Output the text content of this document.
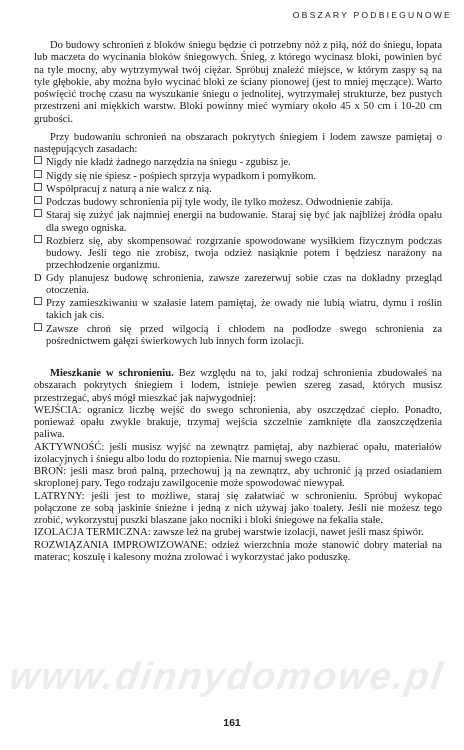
OBSZARY PODBIEGUNOWE

Do budowy schronień z bloków śniegu będzie ci potrzebny nóż z piłą, nóż do śniegu, łopata lub maczeta do wycinania bloków śniegowych. Śnieg, z którego wycinasz bloki, powinien być na tyle mocny, aby wytrzymywał twój ciężar. Spróbuj znaleźć miejsce, w którym zaspy są na tyle głębokie, aby można było wycinać bloki ze ściany pionowej (jest to mniej męczące). Warto poświęcić trochę czasu na wyszukanie śniegu o jednolitej, wytrzymałej strukturze, bez pustych przestrzeni ani miękkich warstw. Bloki powinny mieć wymiary około 45 x 50 cm i 10-20 cm grubości.

Przy budowaniu schronień na obszarach pokrytych śniegiem i lodem zawsze pamiętaj o następujących zasadach:

Nigdy nie kładź żadnego narzędzia na śniegu - zgubisz je.
Nigdy się nie śpiesz - pośpiech sprzyja wypadkom i pomyłkom.
Współpracuj z naturą a nie walcz z nią.
Podczas budowy schronienia pij tyle wody, ile tylko możesz. Odwodnienie zabija.
Staraj się zużyć jak najmniej energii na budowanie. Staraj się być jak najbliżej źródła opału dla swego ogniska.
Rozbierz się, aby skompensować rozgrzanie spowodowane wysiłkiem fizycznym podczas budowy. Jeśli tego nie zrobisz, twoja odzież nasiąknie potem i będziesz narażony na przechłodzenie organizmu.
D Gdy planujesz budowę schronienia, zawsze zarezerwuj sobie czas na dokładny przegląd otoczenia.
Przy zamieszkiwaniu w szałasie latem pamiętaj, że owady nie lubią wiatru, dymu i roślin takich jak cis.
Zawsze chroń się przed wilgocią i chłodem na podłodze swego schronienia za pośrednictwem gałęzi świerkowych lub innych form izolacji.

Mieszkanie w schronieniu. Bez względu na to, jaki rodzaj schronienia zbudowałeś na obszarach pokrytych śniegiem i lodem, istnieje pewien szereg zasad, których musisz przestrzegać, abyś mógł mieszkać jak najwygodniej:

WEJŚCIA: ogranicz liczbę wejść do swego schronienia, aby oszczędzać ciepło. Ponadto, ponieważ opału zwykle brakuje, trzymaj wejścia szczelnie zamknięte dla zaoszczędzenia paliwa.
AKTYWNOŚĆ: jeśli musisz wyjść na zewnątrz pamiętaj, aby nazbierać opału, materiałów izolacyjnych i śniegu albo lodu do roztopienia. Nie marnuj swego czasu.
BROŃ: jeśli masz broń palną, przechowuj ją na zewnątrz, aby uchronić ją przed osiadaniem skroplonej pary. Tego rodzaju zawilgocenie może spowodować niewypał.
LATRYNY: jeśli jest to możliwe, staraj się załatwiać w schronieniu. Spróbuj wykopać połączone ze sobą jaskinie śnieżne i jedną z nich używaj jako toalety. Jeśli nie możesz tego zrobić, wykorzystuj puszki blaszane jako nocniki i bloki śniegowe na fekalia stałe.
IZOLACJA TERMICZNA: zawsze leż na grubej warstwie izolacji, nawet jeśli masz śpiwór.
ROZWIĄZANIA IMPROWIZOWANE: odzież wierzchnia może stanowić dobry materiał na materac; koszulę i kalesony można zrolować i wykorzystać jako poduszkę.
www.dinnydomowe.pl
161
